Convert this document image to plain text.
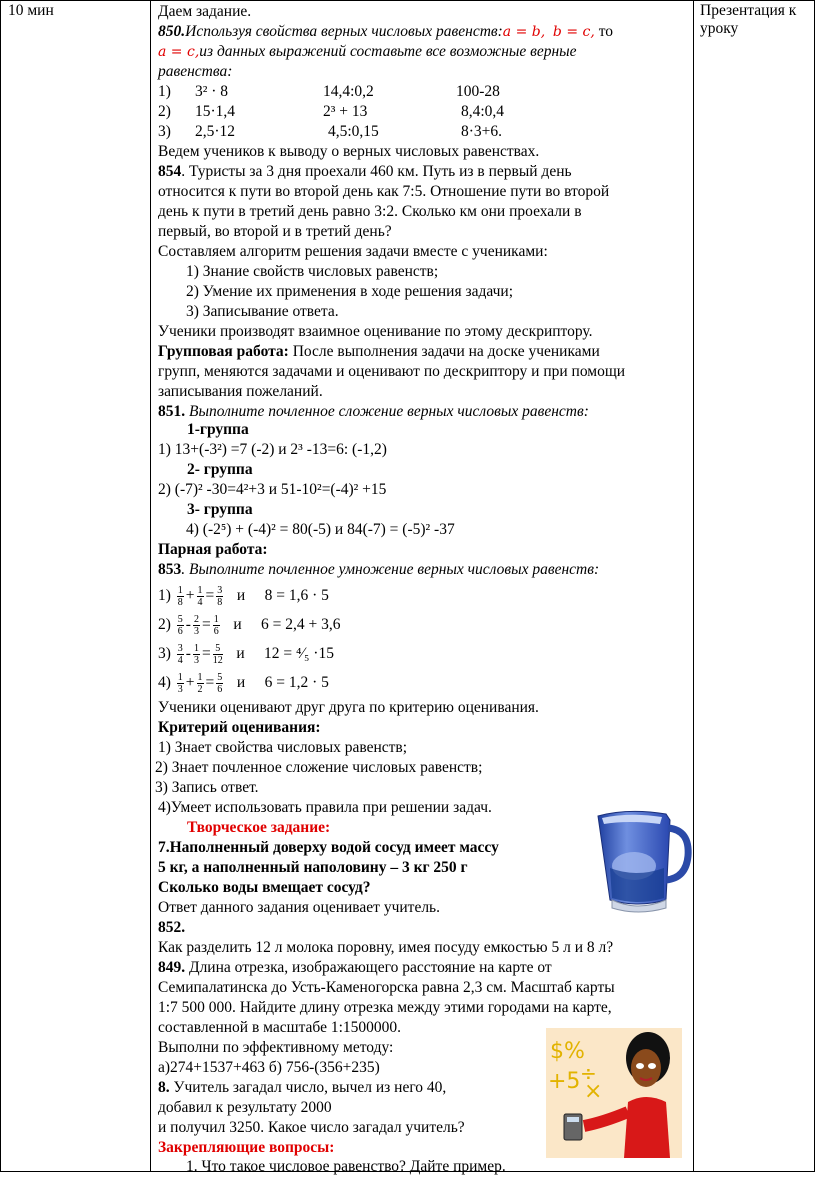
10 мин	Презентация к уроку
Даем задание.
850.Используя свойства верных числовых равенств:a = b, b = c, то
a = c,из данных выражений составьте все возможные верные
равенства:
1) 3² · 8	14,4:0,2	100-28
2) 15·1,4	2³ + 13	8,4:0,4
3) 2,5·12	4,5:0,15	8·3+6.
Ведем учеников к выводу о верных числовых равенствах.
854. Туристы за 3 дня проехали 460 км. Путь из в первый день
относится к пути во второй день как 7:5. Отношение пути во второй
день к пути в третий день равно 3:2. Сколько км они проехали в
первый, во второй и в третий день?
Составляем алгоритм решения задачи вместе с учениками:
1) Знание свойств числовых равенств;
2) Умение их применения в ходе решения задачи;
3) Записывание ответа.
Ученики производят взаимное оценивание по этому дескриптору.
Групповая работа: После выполнения задачи на доске учениками
групп, меняются задачами и оценивают по дескриптору и при помощи
записывания пожеланий.
851. Выполните почленное сложение верных числовых равенств:
1-группа
1) 13+(-3²) =7 (-2) и 2³ -13=6: (-1,2)
2- группа
2) (-7)² -30=4²+3 и 51-10²=(-4)² +15
3- группа
4) (-2⁵) + (-4)² = 80(-5) и 84(-7) = (-5)² -37
Парная работа:
853. Выполните почленное умножение верных числовых равенств:
$1) \frac{1}{8} + \frac{1}{4} = \frac{3}{8}$ и 8 = 1,6 · 5
$2) \frac{5}{6} - \frac{2}{3} = \frac{1}{6}$ и 6 = 2,4 + 3,6
$3) \frac{3}{4} - \frac{1}{3} = \frac{5}{12}$ и 12 = ⁴⁄₅ ·15
$4) \frac{1}{3} + \frac{1}{2} = \frac{5}{6}$ и 6 = 1,2 · 5
Ученики оценивают друг друга по критерию оценивания.
Критерий оценивания:
1) Знает свойства числовых равенств;
2) Знает почленное сложение числовых равенств;
3) Запись ответ.
4)Умеет использовать правила при решении задач.
Творческое задание:
7.Наполненный доверху водой сосуд имеет массу
5 кг, а наполненный наполовину – 3 кг 250 г
Сколько воды вмещает сосуд?
Ответ данного задания оценивает учитель.
852.
Как разделить 12 л молока поровну, имея посуду емкостью 5 л и 8 л?
849. Длина отрезка, изображающего расстояние на карте от
Семипалатинска до Усть-Каменогорска равна 2,3 см. Масштаб карты
1:7 500 000. Найдите длину отрезка между этими городами на карте,
составленной в масштабе 1:1500000.
Выполни по эффективному методу:
а)274+1537+463 б) 756-(356+235)
8. Учитель загадал число, вычел из него 40,
добавил к результату 2000
и получил 3250. Какое число загадал учитель?
Закрепляющие вопросы:
1. Что такое числовое равенство? Дайте пример.
$%
÷
+5 ×
